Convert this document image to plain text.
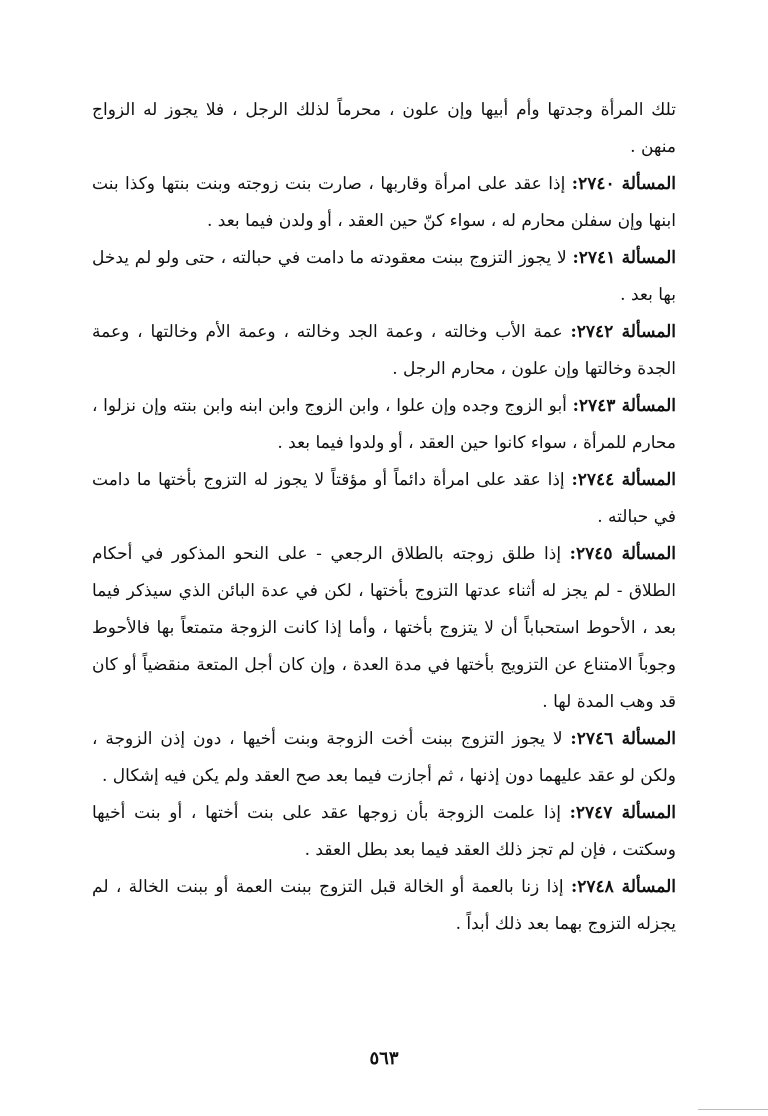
تلك المرأة وجدتها وأم أبيها وإن علون ، محرماً لذلك الرجل ، فلا يجوز له الزواج منهن .

المسألة ٢٧٤٠: إذا عقد على امرأة وقاربها ، صارت بنت زوجته وبنت بنتها وكذا بنت ابنها وإن سفلن محارم له ، سواء كنّ حين العقد ، أو ولدن فيما بعد .

المسألة ٢٧٤١: لا يجوز التزوج ببنت معقودته ما دامت في حبالته ، حتى ولو لم يدخل بها بعد .

المسألة ٢٧٤٢: عمة الأب وخالته ، وعمة الجد وخالته ، وعمة الأم وخالتها ، وعمة الجدة وخالتها وإن علون ، محارم الرجل .

المسألة ٢٧٤٣: أبو الزوج وجده وإن علوا ، وابن الزوج وابن ابنه وابن بنته وإن نزلوا ، محارم للمرأة ، سواء كانوا حين العقد ، أو ولدوا فيما بعد .

المسألة ٢٧٤٤: إذا عقد على امرأة دائماً أو مؤقتاً لا يجوز له التزوج بأختها ما دامت في حبالته .

المسألة ٢٧٤٥: إذا طلق زوجته بالطلاق الرجعي - على النحو المذكور في أحكام الطلاق - لم يجز له أثناء عدتها التزوج بأختها ، لكن في عدة البائن الذي سيذكر فيما بعد ، الأحوط استحباباً أن لا يتزوج بأختها ، وأما إذا كانت الزوجة متمتعاً بها فالأحوط وجوباً الامتناع عن التزويج بأختها في مدة العدة ، وإن كان أجل المتعة منقضياً أو كان قد وهب المدة لها .

المسألة ٢٧٤٦: لا يجوز التزوج ببنت أخت الزوجة وبنت أخيها ، دون إذن الزوجة ، ولكن لو عقد عليهما دون إذنها ، ثم أجازت فيما بعد صح العقد ولم يكن فيه إشكال .

المسألة ٢٧٤٧: إذا علمت الزوجة بأن زوجها عقد على بنت أختها ، أو بنت أخيها وسكتت ، فإن لم تجز ذلك العقد فيما بعد بطل العقد .

المسألة ٢٧٤٨: إذا زنا بالعمة أو الخالة قبل التزوج ببنت العمة أو ببنت الخالة ، لم يجزله التزوج بهما بعد ذلك أبداً .

٥٦٣
